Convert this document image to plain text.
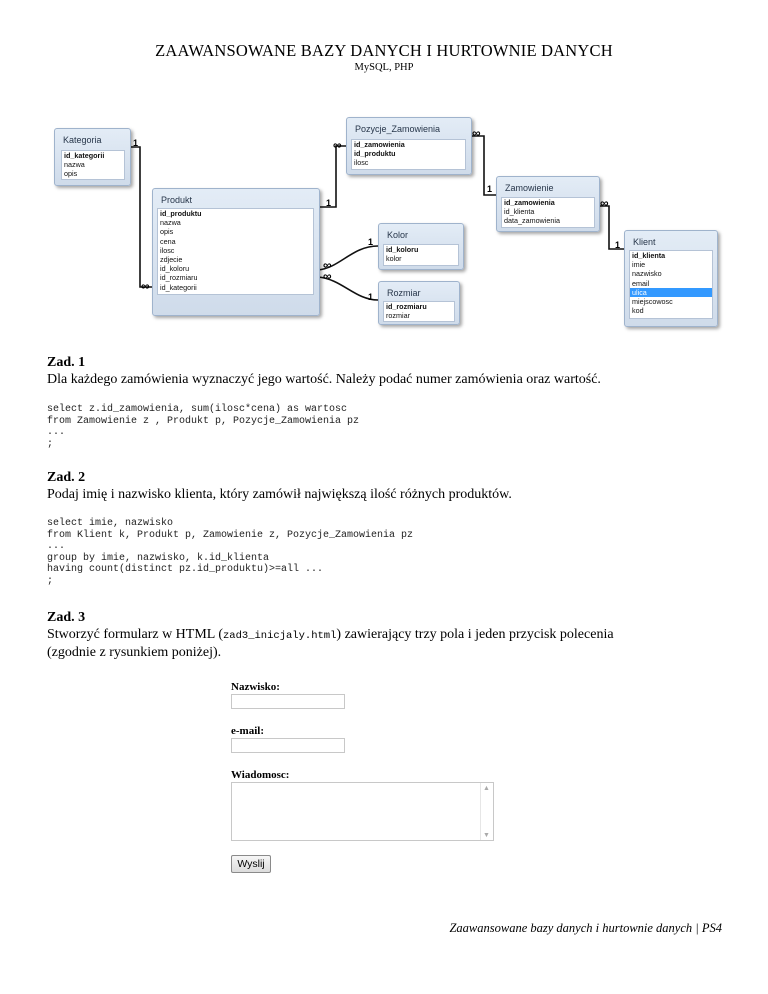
ZAAWANSOWANE BAZY DANYCH I HURTOWNIE DANYCH
MySQL, PHP
Kategoria
id_kategorii
nazwa
opis
Pozycje_Zamowienia
id_zamowienia
id_produktu
ilosc
Zamowienie
id_zamowienia
id_klienta
data_zamowienia
Produkt
id_produktu
nazwa
opis
cena
ilosc
zdjecie
id_koloru
id_rozmiaru
id_kategorii
Kolor
id_koloru
kolor
Rozmiar
id_rozmiaru
rozmiar
Klient
id_klienta
imie
nazwisko
email
ulica
miejscowosc
kod
1
∞
1
∞
∞
1
∞
1
∞
∞
1
1
Zad. 1
Dla każdego zamówienia wyznaczyć jego wartość. Należy podać numer zamówienia oraz wartość.
select z.id_zamowienia, sum(ilosc*cena) as wartosc
from Zamowienie z , Produkt p, Pozycje_Zamowienia pz
...
;
Zad. 2
Podaj imię i nazwisko klienta, który zamówił największą ilość różnych produktów.
select imie, nazwisko
from Klient k, Produkt p, Zamowienie z, Pozycje_Zamowienia pz
...
group by imie, nazwisko, k.id_klienta
having count(distinct pz.id_produktu)>=all ...
;
Zad. 3
Stworzyć formularz w HTML (zad3_inicjaly.html) zawierający trzy pola i jeden przycisk polecenia
(zgodnie z rysunkiem poniżej).
Nazwisko:
e-mail:
Wiadomosc:
▲
▼
Wyslij
Zaawansowane bazy danych i hurtownie danych | PS4
